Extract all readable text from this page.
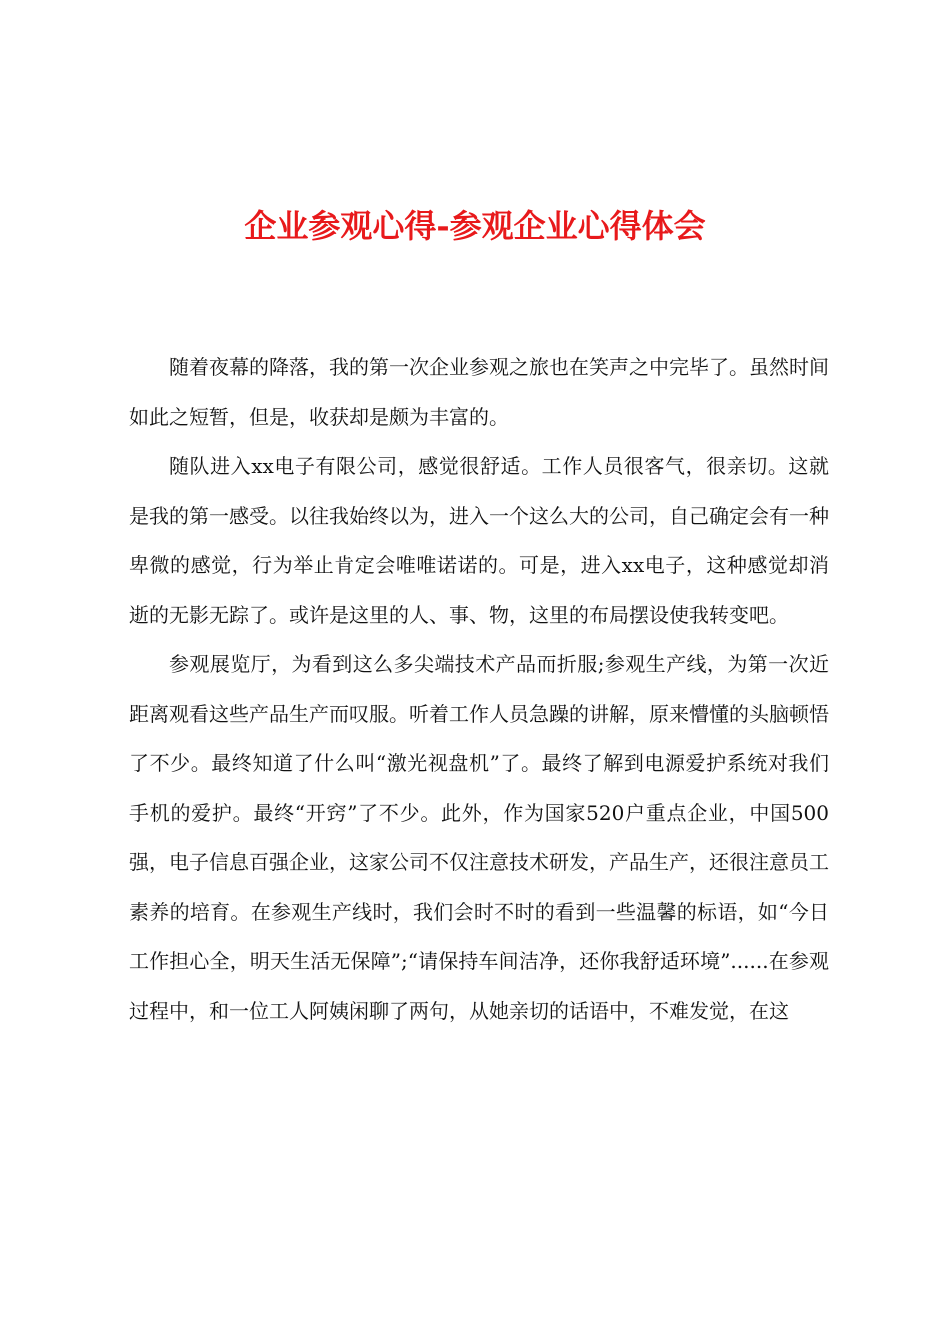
企业参观心得-参观企业心得体会

随着夜幕的降落，我的第一次企业参观之旅也在笑声之中完毕了。虽然时间如此之短暂，但是，收获却是颇为丰富的。

随队进入xx电子有限公司，感觉很舒适。工作人员很客气，很亲切。这就是我的第一感受。以往我始终以为，进入一个这么大的公司，自己确定会有一种卑微的感觉，行为举止肯定会唯唯诺诺的。可是，进入xx电子，这种感觉却消逝的无影无踪了。或许是这里的人、事、物，这里的布局摆设使我转变吧。

参观展览厅，为看到这么多尖端技术产品而折服;参观生产线，为第一次近距离观看这些产品生产而叹服。听着工作人员急躁的讲解，原来懵懂的头脑顿悟了不少。最终知道了什么叫“激光视盘机”了。最终了解到电源爱护系统对我们手机的爱护。最终“开窍”了不少。此外，作为国家520户重点企业，中国500强，电子信息百强企业，这家公司不仅注意技术研发，产品生产，还很注意员工素养的培育。在参观生产线时，我们会时不时的看到一些温馨的标语，如“今日工作担心全，明天生活无保障”;“请保持车间洁净，还你我舒适环境”......在参观过程中，和一位工人阿姨闲聊了两句，从她亲切的话语中，不难发觉，在这
